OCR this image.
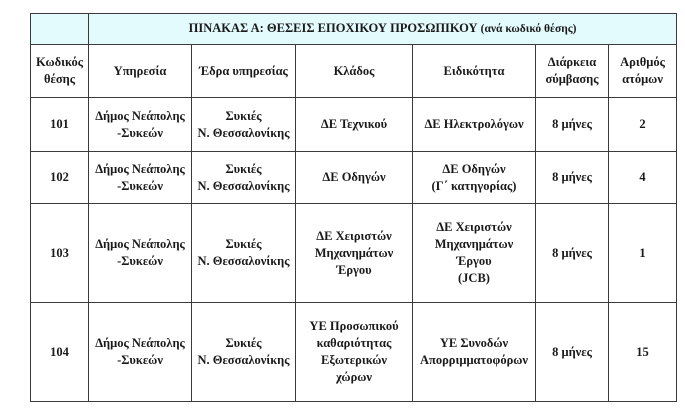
	ΠΙΝΑΚΑΣ Α: ΘΕΣΕΙΣ ΕΠΟΧΙΚΟΥ ΠΡΟΣΩΠΙΚΟΥ (ανά κωδικό θέσης)					

Κωδικός
θέσης	Υπηρεσία	Έδρα υπηρεσίας	Κλάδος	Ειδικότητα	Διάρκεια
σύμβασης	Αριθμός
ατόμων

101	Δήμος Νεάπολης
-Συκεών	Συκιές
Ν. Θεσσαλονίκης	ΔΕ Τεχνικού	ΔΕ Ηλεκτρολόγων	8 μήνες	2
102	Δήμος Νεάπολης
-Συκεών	Συκιές
Ν. Θεσσαλονίκης	ΔΕ Οδηγών	ΔΕ Οδηγών
(Γ΄ κατηγορίας)	8 μήνες	4
103	Δήμος Νεάπολης
-Συκεών	Συκιές
Ν. Θεσσαλονίκης	ΔΕ Χειριστών
Μηχανημάτων
Έργου	ΔΕ Χειριστών
Μηχανημάτων
Έργου
(JCB)	8 μήνες	1
104	Δήμος Νεάπολης
-Συκεών	Συκιές
Ν. Θεσσαλονίκης	ΥΕ Προσωπικού
καθαριότητας
Εξωτερικών
χώρων	ΥΕ Συνοδών
Απορριμματοφόρων	8 μήνες	15
